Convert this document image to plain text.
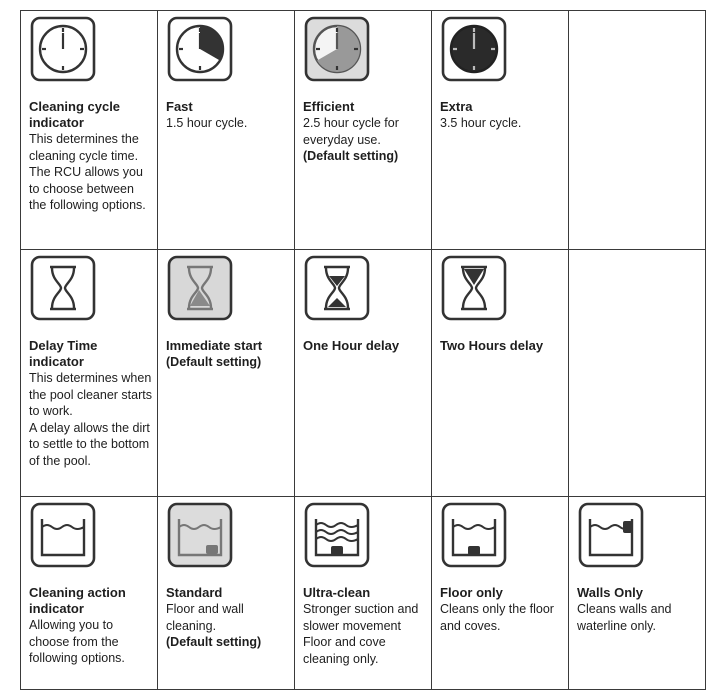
Cleaning cycle indicator
This determines the cleaning cycle time. The RCU allows you to choose between the following options.
Fast
1.5 hour cycle.
Efficient
2.5 hour cycle for everyday use.
(Default setting)
Extra
3.5 hour cycle.
Delay Time indicator
This determines when the pool cleaner starts to work.
A delay allows the dirt to settle to the bottom of the pool.
Immediate start
(Default setting)
One Hour delay	Two Hours delay
Cleaning action indicator
Allowing you to choose from the following options.
Standard
Floor and wall cleaning.
(Default setting)
Ultra-clean
Stronger suction and slower movement
Floor and cove cleaning only.
Floor only
Cleans only the floor and coves.
Walls Only
Cleans walls and waterline only.
